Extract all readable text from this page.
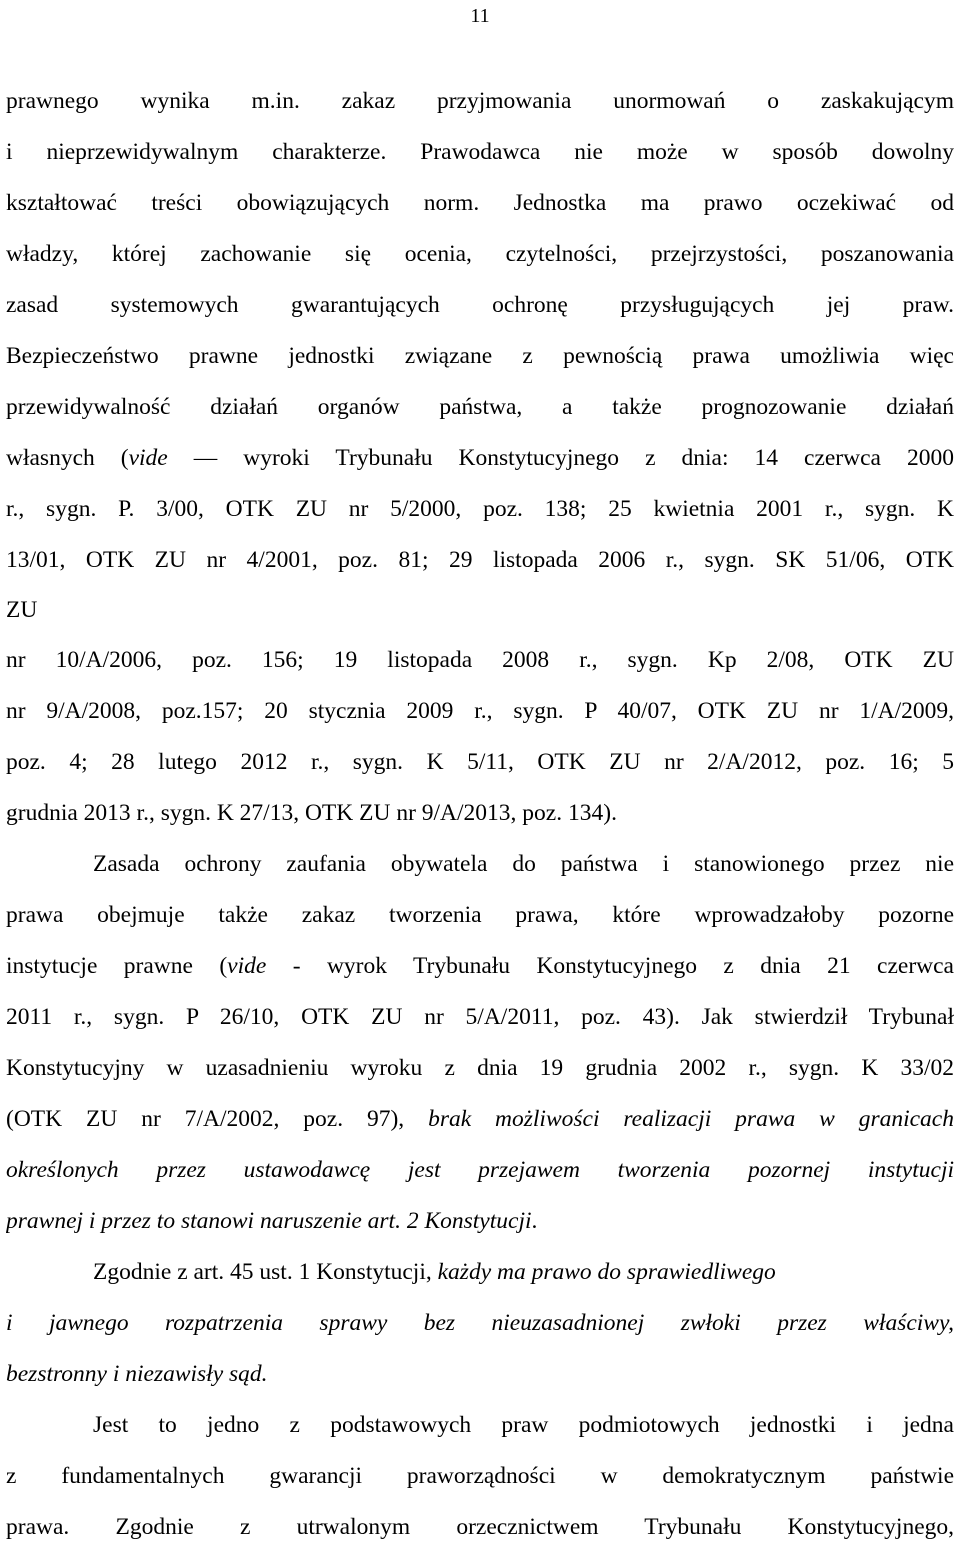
11
prawnego wynika m.in. zakaz przyjmowania unormowań o zaskakującym
i nieprzewidywalnym charakterze. Prawodawca nie może w sposób dowolny
kształtować treści obowiązujących norm. Jednostka ma prawo oczekiwać od
władzy, której zachowanie się ocenia, czytelności, przejrzystości, poszanowania
zasad systemowych gwarantujących ochronę przysługujących jej praw.
Bezpieczeństwo prawne jednostki związane z pewnością prawa umożliwia więc
przewidywalność działań organów państwa, a także prognozowanie działań
własnych (vide — wyroki Trybunału Konstytucyjnego z dnia: 14 czerwca 2000
r., sygn. P. 3/00, OTK ZU nr 5/2000, poz. 138; 25 kwietnia 2001 r., sygn. K
13/01, OTK ZU nr 4/2001, poz. 81; 29 listopada 2006 r., sygn. SK 51/06, OTK
ZU
nr 10/A/2006, poz. 156; 19 listopada 2008 r., sygn. Kp 2/08, OTK ZU
nr 9/A/2008, poz.157; 20 stycznia 2009 r., sygn. P 40/07, OTK ZU nr 1/A/2009,
poz. 4; 28 lutego 2012 r., sygn. K 5/11, OTK ZU nr 2/A/2012, poz. 16; 5
grudnia 2013 r., sygn. K 27/13, OTK ZU nr 9/A/2013, poz. 134).
Zasada ochrony zaufania obywatela do państwa i stanowionego przez nie
prawa obejmuje także zakaz tworzenia prawa, które wprowadzałoby pozorne
instytucje prawne (vide - wyrok Trybunału Konstytucyjnego z dnia 21 czerwca
2011 r., sygn. P 26/10, OTK ZU nr 5/A/2011, poz. 43). Jak stwierdził Trybunał
Konstytucyjny w uzasadnieniu wyroku z dnia 19 grudnia 2002 r., sygn. K 33/02
(OTK ZU nr 7/A/2002, poz. 97), brak możliwości realizacji prawa w granicach
określonych przez ustawodawcę jest przejawem tworzenia pozornej instytucji
prawnej i przez to stanowi naruszenie art. 2 Konstytucji.
Zgodnie z art. 45 ust. 1 Konstytucji, każdy ma prawo do sprawiedliwego
i jawnego rozpatrzenia sprawy bez nieuzasadnionej zwłoki przez właściwy,
bezstronny i niezawisły sąd.
Jest to jedno z podstawowych praw podmiotowych jednostki i jedna
z fundamentalnych gwarancji praworządności w demokratycznym państwie
prawa. Zgodnie z utrwalonym orzecznictwem Trybunału Konstytucyjnego,
